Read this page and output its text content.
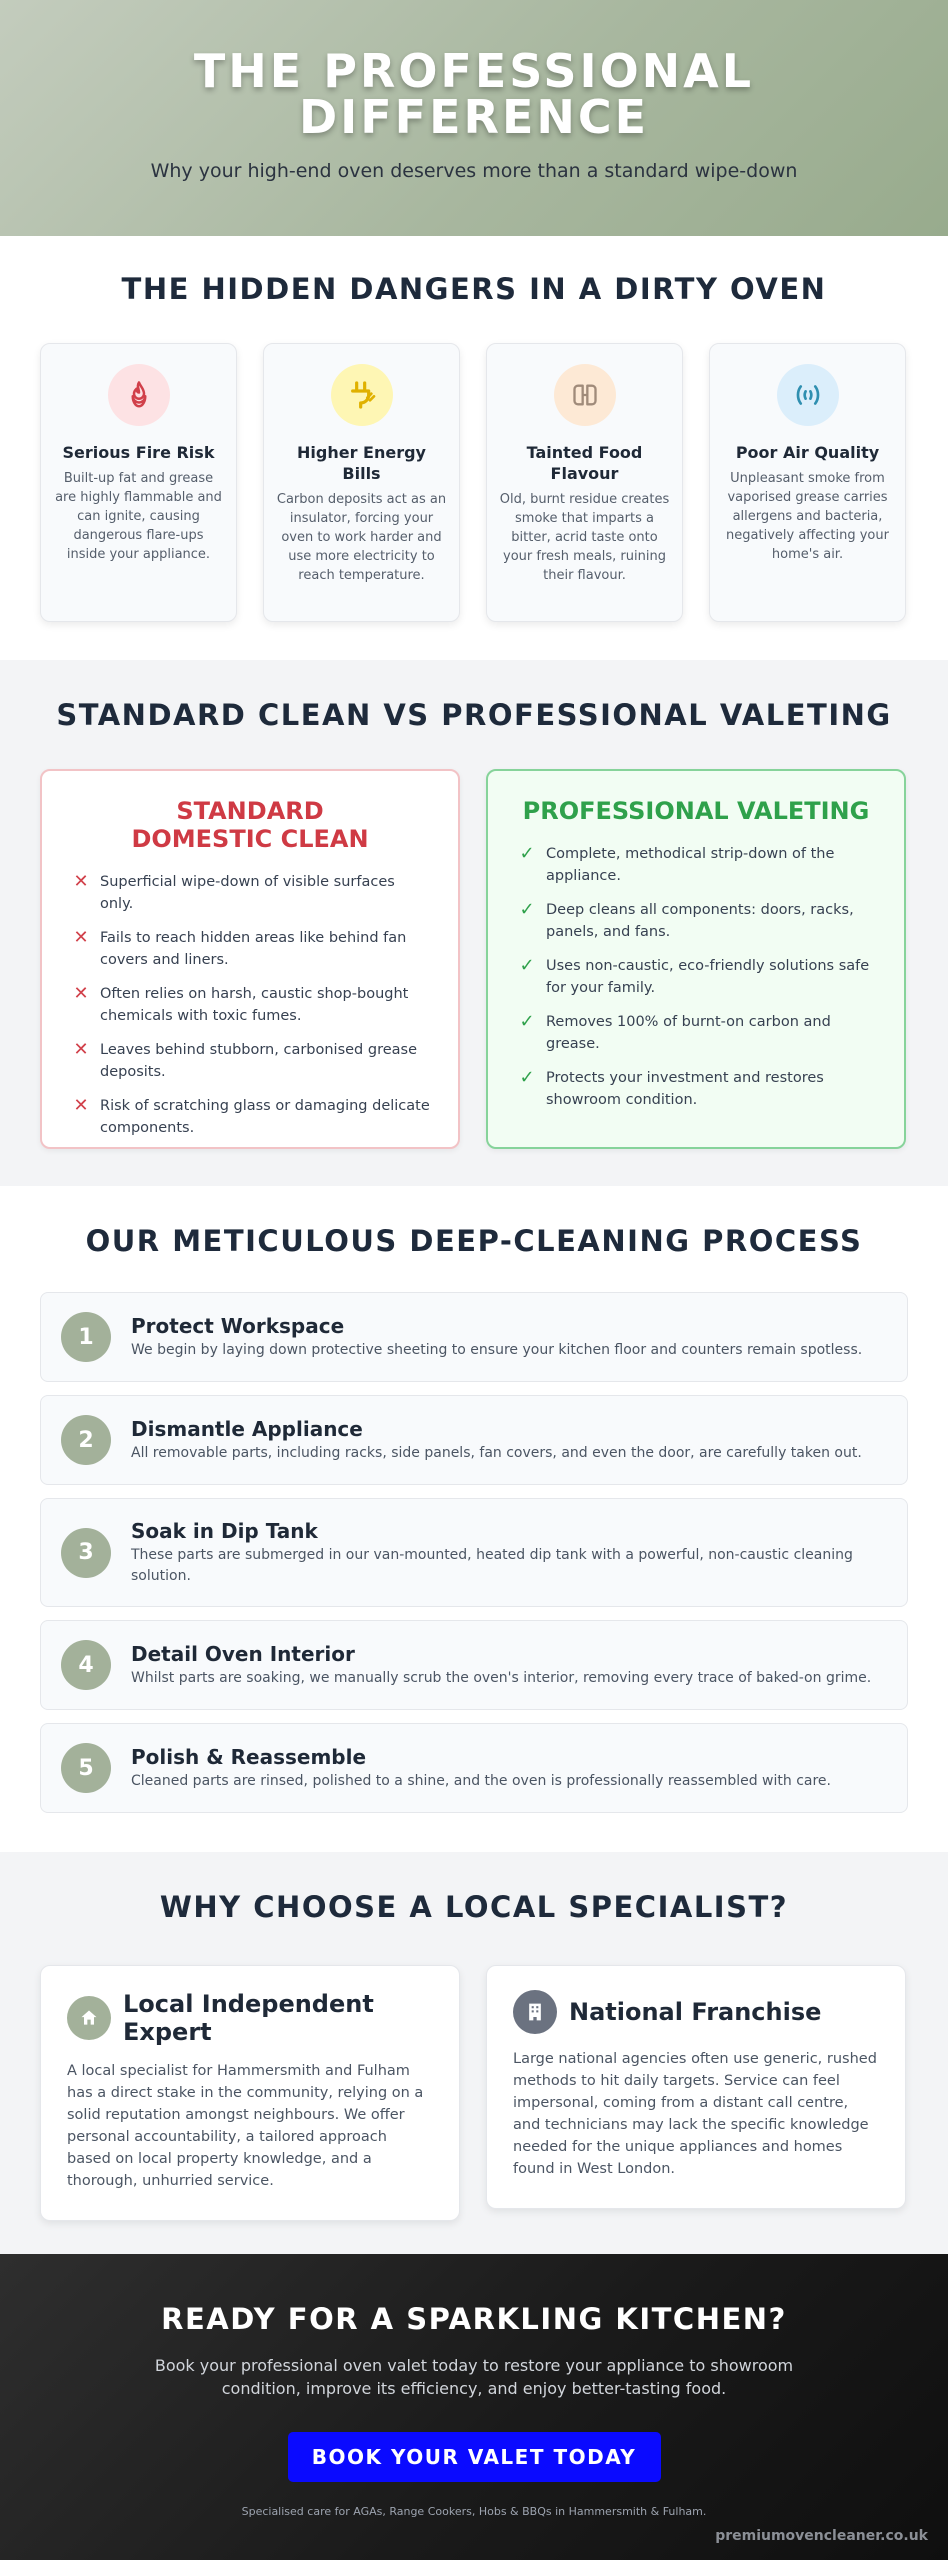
THE PROFESSIONAL DIFFERENCE

Why your high-end oven deserves more than a standard wipe-down

THE HIDDEN DANGERS IN A DIRTY OVEN
Serious Fire Risk

Built-up fat and grease are highly flammable and can ignite, causing dangerous flare-ups inside your appliance.

Higher Energy Bills

Carbon deposits act as an insulator, forcing your oven to work harder and use more electricity to reach temperature.

Tainted Food Flavour

Old, burnt residue creates smoke that imparts a bitter, acrid taste onto your fresh meals, ruining their flavour.

Poor Air Quality

Unpleasant smoke from vaporised grease carries allergens and bacteria, negatively affecting your home's air.

STANDARD CLEAN VS PROFESSIONAL VALETING
STANDARD DOMESTIC CLEAN
✕ Superficial wipe-down of visible surfaces only.
✕ Fails to reach hidden areas like behind fan covers and liners.
✕ Often relies on harsh, caustic shop-bought chemicals with toxic fumes.
✕ Leaves behind stubborn, carbonised grease deposits.
✕ Risk of scratching glass or damaging delicate components.
PROFESSIONAL VALETING
✓ Complete, methodical strip-down of the appliance.
✓ Deep cleans all components: doors, racks, panels, and fans.
✓ Uses non-caustic, eco-friendly solutions safe for your family.
✓ Removes 100% of burnt-on carbon and grease.
✓ Protects your investment and restores showroom condition.
OUR METICULOUS DEEP-CLEANING PROCESS
1	Protect Workspace

We begin by laying down protective sheeting to ensure your kitchen floor and counters remain spotless.

2	Dismantle Appliance

All removable parts, including racks, side panels, fan covers, and even the door, are carefully taken out.

3
Soak in Dip Tank

These parts are submerged in our van-mounted, heated dip tank with a powerful, non-caustic cleaning solution.

4	Detail Oven Interior

Whilst parts are soaking, we manually scrub the oven's interior, removing every trace of baked-on grime.

5	Polish & Reassemble

Cleaned parts are rinsed, polished to a shine, and the oven is professionally reassembled with care.

WHY CHOOSE A LOCAL SPECIALIST?
Local Independent Expert

A local specialist for Hammersmith and Fulham has a direct stake in the community, relying on a solid reputation amongst neighbours. We offer personal accountability, a tailored approach based on local property knowledge, and a thorough, unhurried service.

National Franchise

Large national agencies often use generic, rushed methods to hit daily targets. Service can feel impersonal, coming from a distant call centre, and technicians may lack the specific knowledge needed for the unique appliances and homes found in West London.

READY FOR A SPARKLING KITCHEN?

Book your professional oven valet today to restore your appliance to showroom condition, improve its efficiency, and enjoy better-tasting food.

BOOK YOUR VALET TODAY

Specialised care for AGAs, Range Cookers, Hobs & BBQs in Hammersmith & Fulham.

premiumovencleaner.co.uk
